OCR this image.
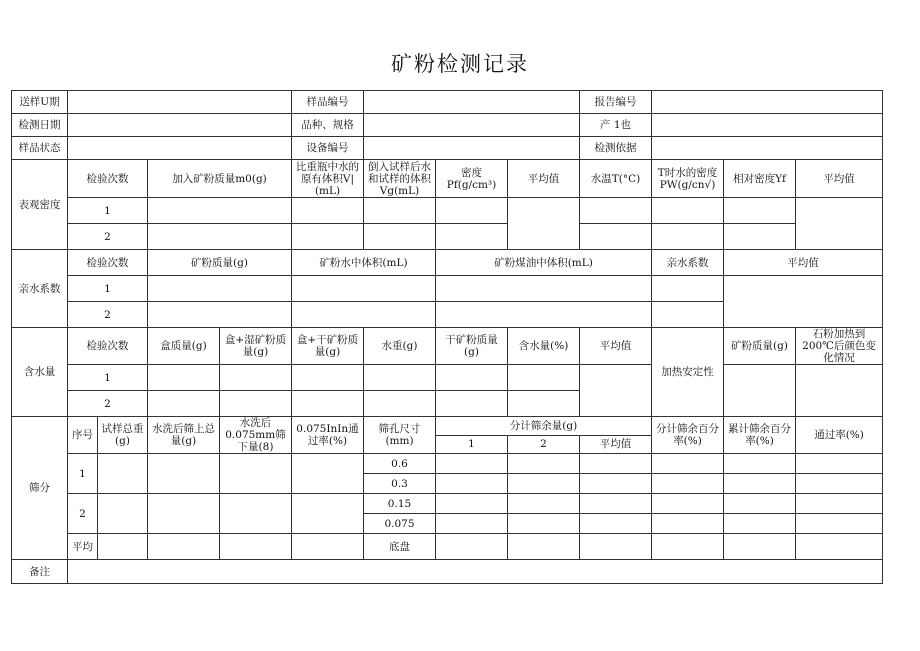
矿粉检测记录
送样U期					样品编号				报告编号			
检测日期					品种、规格				产 1也			
样品状态					设备编号				检测依据			
表观密度	检验次数		加入矿粉质量m0(g)		比重瓶中水的原有体积V|(mL)	倒入试样后水和试样的体积Vg(mL)	密度Pf(g/cm³)	平均值	水温T(°C)	T时水的密度PW(g/cn√)	相对密度Yf	平均值
	1											
	2											
亲水系数	检验次数		矿粉质量(g)		矿粉水中体积(mL)		矿粉煤油中体积(mL)			亲水系数	平均值	
	1											
	2											
含水量	检验次数		盒质量(g)	盒+湿矿粉质量(g)	盒+干矿粉质量(g)	水重(g)	干矿粉质量(g)	含水量(%)	平均值	加热安定性	矿粉质量(g)	石粉加热到200℃后颜色变化情况
	1											
	2											
筛分	序号	试样总重(g)	水洗后筛上总量(g)	水洗后0.075mm筛下量(8)	0.075InIn通过率(%)	筛孔尺寸(mm)	分计筛余量(g)			分计筛余百分率(%)	累计筛余百分率(%)	通过率(%)
							1	2	平均值			
	1					0.6						
						0.3						
	2					0.15						
						0.075						
	平均					底盘						
备注												
